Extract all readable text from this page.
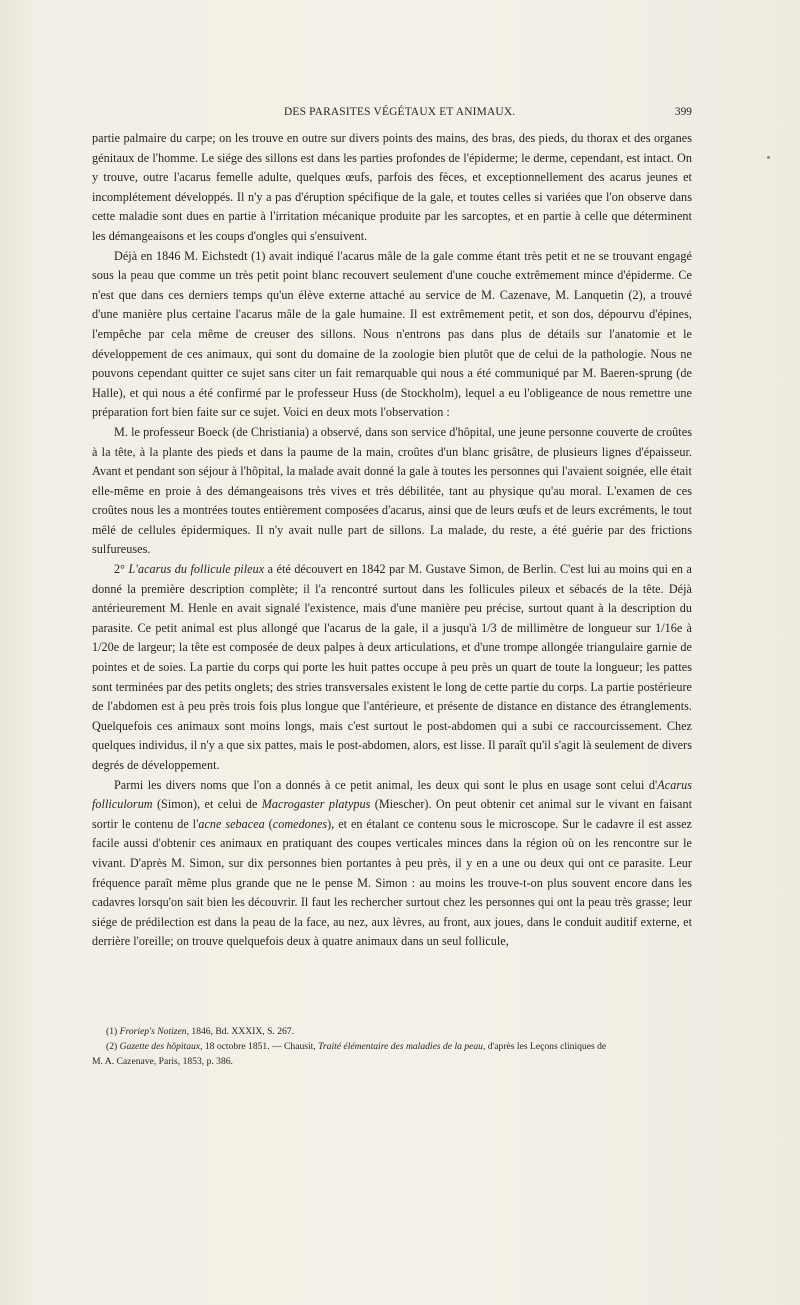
DES PARASITES VÉGÉTAUX ET ANIMAUX.	399

partie palmaire du carpe; on les trouve en outre sur divers points des mains, des bras, des pieds, du thorax et des organes génitaux de l'homme. Le siége des sillons est dans les parties profondes de l'épiderme; le derme, cependant, est intact. On y trouve, outre l'acarus femelle adulte, quelques œufs, parfois des fèces, et exceptionnellement des acarus jeunes et incomplétement développés. Il n'y a pas d'éruption spécifique de la gale, et toutes celles si variées que l'on observe dans cette maladie sont dues en partie à l'irritation mécanique produite par les sarcoptes, et en partie à celle que déterminent les démangeaisons et les coups d'ongles qui s'ensuivent.

Déjà en 1846 M. Eichstedt (1) avait indiqué l'acarus mâle de la gale comme étant très petit et ne se trouvant engagé sous la peau que comme un très petit point blanc recouvert seulement d'une couche extrêmement mince d'épiderme. Ce n'est que dans ces derniers temps qu'un élève externe attaché au service de M. Cazenave, M. Lanquetin (2), a trouvé d'une manière plus certaine l'acarus mâle de la gale humaine. Il est extrêmement petit, et son dos, dépourvu d'épines, l'empêche par cela même de creuser des sillons. Nous n'entrons pas dans plus de détails sur l'anatomie et le développement de ces animaux, qui sont du domaine de la zoologie bien plutôt que de celui de la pathologie. Nous ne pouvons cependant quitter ce sujet sans citer un fait remarquable qui nous a été communiqué par M. Baeren-sprung (de Halle), et qui nous a été confirmé par le professeur Huss (de Stockholm), lequel a eu l'obligeance de nous remettre une préparation fort bien faite sur ce sujet. Voici en deux mots l'observation :

M. le professeur Boeck (de Christiania) a observé, dans son service d'hôpital, une jeune personne couverte de croûtes à la tête, à la plante des pieds et dans la paume de la main, croûtes d'un blanc grisâtre, de plusieurs lignes d'épaisseur. Avant et pendant son séjour à l'hôpital, la malade avait donné la gale à toutes les personnes qui l'avaient soignée, elle était elle-même en proie à des démangeaisons très vives et très débilitée, tant au physique qu'au moral. L'examen de ces croûtes nous les a montrées toutes entièrement composées d'acarus, ainsi que de leurs œufs et de leurs excréments, le tout mêlé de cellules épidermiques. Il n'y avait nulle part de sillons. La malade, du reste, a été guérie par des frictions sulfureuses.

2° L'acarus du follicule pileux a été découvert en 1842 par M. Gustave Simon, de Berlin. C'est lui au moins qui en a donné la première description complète; il l'a rencontré surtout dans les follicules pileux et sébacés de la tête. Déjà antérieurement M. Henle en avait signalé l'existence, mais d'une manière peu précise, surtout quant à la description du parasite. Ce petit animal est plus allongé que l'acarus de la gale, il a jusqu'à 1/3 de millimètre de longueur sur 1/16e à 1/20e de largeur; la tête est composée de deux palpes à deux articulations, et d'une trompe allongée triangulaire garnie de pointes et de soies. La partie du corps qui porte les huit pattes occupe à peu près un quart de toute la longueur; les pattes sont terminées par des petits onglets; des stries transversales existent le long de cette partie du corps. La partie postérieure de l'abdomen est à peu près trois fois plus longue que l'antérieure, et présente de distance en distance des étranglements. Quelquefois ces animaux sont moins longs, mais c'est surtout le post-abdomen qui a subi ce raccourcissement. Chez quelques individus, il n'y a que six pattes, mais le post-abdomen, alors, est lisse. Il paraît qu'il s'agit là seulement de divers degrés de développement.

Parmi les divers noms que l'on a donnés à ce petit animal, les deux qui sont le plus en usage sont celui d'Acarus folliculorum (Simon), et celui de Macrogaster platypus (Miescher). On peut obtenir cet animal sur le vivant en faisant sortir le contenu de l'acne sebacea (comedones), et en étalant ce contenu sous le microscope. Sur le cadavre il est assez facile aussi d'obtenir ces animaux en pratiquant des coupes verticales minces dans la région où on les rencontre sur le vivant. D'après M. Simon, sur dix personnes bien portantes à peu près, il y en a une ou deux qui ont ce parasite. Leur fréquence paraît même plus grande que ne le pense M. Simon : au moins les trouve-t-on plus souvent encore dans les cadavres lorsqu'on sait bien les découvrir. Il faut les rechercher surtout chez les personnes qui ont la peau très grasse; leur siége de prédilection est dans la peau de la face, au nez, aux lèvres, au front, aux joues, dans le conduit auditif externe, et derrière l'oreille; on trouve quelquefois deux à quatre animaux dans un seul follicule,

(1) Froriep's Notizen, 1846, Bd. XXXIX, S. 267.

(2) Gazette des hôpitaux, 18 octobre 1851. — Chausit, Traité élémentaire des maladies de la peau, d'après les Leçons cliniques de

M. A. Cazenave, Paris, 1853, p. 386.
